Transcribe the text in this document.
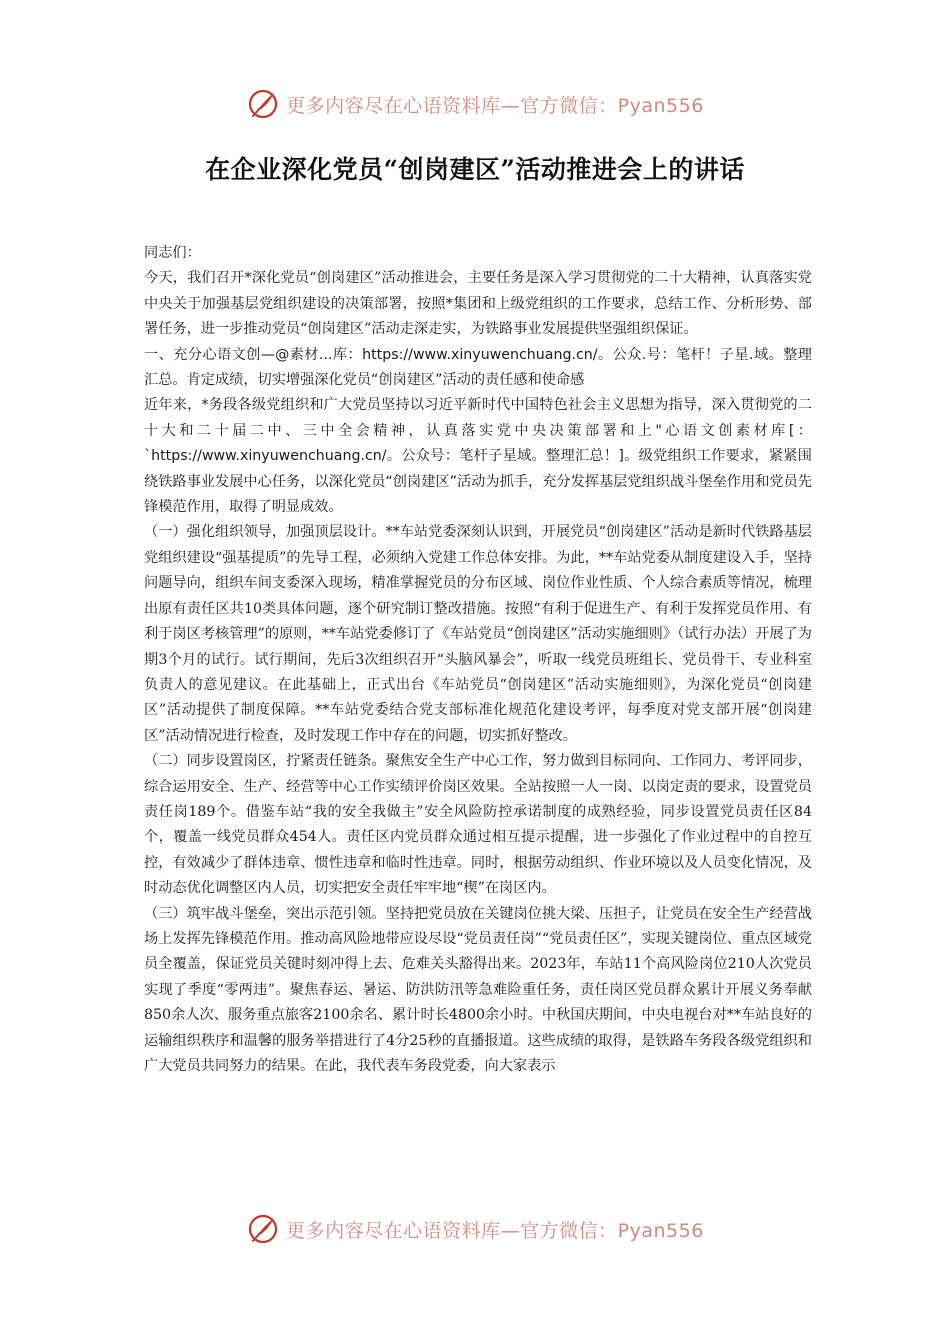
更多内容尽在心语资料库—官方微信：Pyan556
在企业深化党员“创岗建区”活动推进会上的讲话

同志们：

今天，我们召开*深化党员“创岗建区”活动推进会，主要任务是深入学习贯彻党的二十大精神，认真落实党中央关于加强基层党组织建设的决策部署，按照*集团和上级党组织的工作要求，总结工作、分析形势、部署任务，进一步推动党员“创岗建区”活动走深走实，为铁路事业发展提供坚强组织保证。

一、充分心语文创—@素材...库：https://www.xinyuwenchuang.cn/。公众.号：笔杆！子星.域。整理汇总。肯定成绩，切实增强深化党员“创岗建区”活动的责任感和使命感

近年来，*务段各级党组织和广大党员坚持以习近平新时代中国特色社会主义思想为指导，深入贯彻党的二十大和二十届二中、三中全会精神，认真落实党中央决策部署和上"心语文创素材库[：`https://www.xinyuwenchuang.cn/。公众号：笔杆子星域。整理汇总！]。级党组织工作要求，紧紧围绕铁路事业发展中心任务，以深化党员“创岗建区”活动为抓手，充分发挥基层党组织战斗堡垒作用和党员先锋模范作用，取得了明显成效。

（一）强化组织领导，加强顶层设计。**车站党委深刻认识到，开展党员“创岗建区”活动是新时代铁路基层党组织建设“强基提质”的先导工程，必须纳入党建工作总体安排。为此，**车站党委从制度建设入手，坚持问题导向，组织车间支委深入现场，精准掌握党员的分布区域、岗位作业性质、个人综合素质等情况，梳理出原有责任区共10类具体问题，逐个研究制订整改措施。按照“有利于促进生产、有利于发挥党员作用、有利于岗区考核管理”的原则，**车站党委修订了《车站党员“创岗建区”活动实施细则》（试行办法）开展了为期3个月的试行。试行期间，先后3次组织召开“头脑风暴会”，听取一线党员班组长、党员骨干、专业科室负责人的意见建议。在此基础上，正式出台《车站党员“创岗建区”活动实施细则》，为深化党员“创岗建区”活动提供了制度保障。**车站党委结合党支部标准化规范化建设考评，每季度对党支部开展“创岗建区”活动情况进行检查，及时发现工作中存在的问题，切实抓好整改。

（二）同步设置岗区，拧紧责任链条。聚焦安全生产中心工作，努力做到目标同向、工作同力、考评同步，综合运用安全、生产、经营等中心工作实绩评价岗区效果。全站按照一人一岗、以岗定责的要求，设置党员责任岗189个。借鉴车站“我的安全我做主”安全风险防控承诺制度的成熟经验，同步设置党员责任区84个，覆盖一线党员群众454人。责任区内党员群众通过相互提示提醒，进一步强化了作业过程中的自控互控，有效减少了群体违章、惯性违章和临时性违章。同时，根据劳动组织、作业环境以及人员变化情况，及时动态优化调整区内人员，切实把安全责任牢牢地“楔”在岗区内。

（三）筑牢战斗堡垒，突出示范引领。坚持把党员放在关键岗位挑大梁、压担子，让党员在安全生产经营战场上发挥先锋模范作用。推动高风险地带应设尽设“党员责任岗”“党员责任区”，实现关键岗位、重点区域党员全覆盖，保证党员关键时刻冲得上去、危难关头豁得出来。2023年，车站11个高风险岗位210人次党员实现了季度“零两违”。聚焦春运、暑运、防洪防汛等急难险重任务，责任岗区党员群众累计开展义务奉献850余人次、服务重点旅客2100余名、累计时长4800余小时。中秋国庆期间，中央电视台对**车站良好的运输组织秩序和温馨的服务举措进行了4分25秒的直播报道。这些成绩的取得，是铁路车务段各级党组织和广大党员共同努力的结果。在此，我代表车务段党委，向大家表示

更多内容尽在心语资料库—官方微信：Pyan556
